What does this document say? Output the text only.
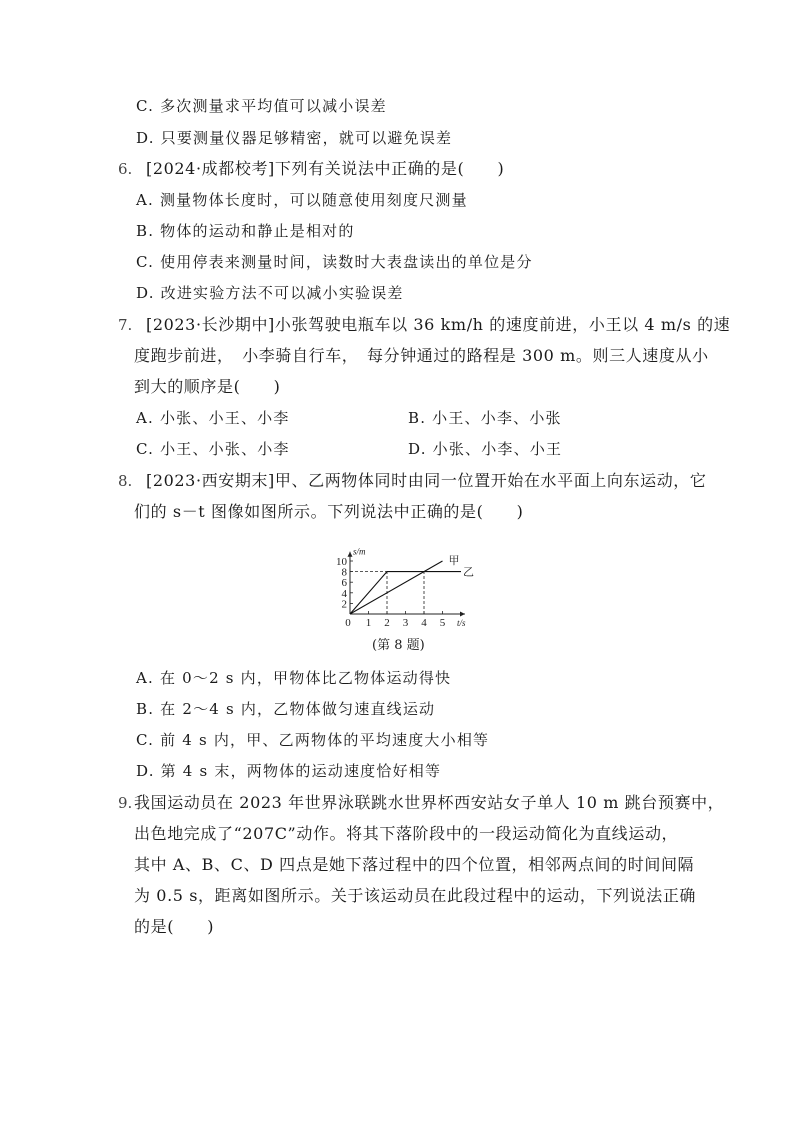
C. 多次测量求平均值可以减小误差
D. 只要测量仪器足够精密，就可以避免误差
6. [2024·成都校考]下列有关说法中正确的是(　　)
A. 测量物体长度时，可以随意使用刻度尺测量
B. 物体的运动和静止是相对的
C. 使用停表来测量时间，读数时大表盘读出的单位是分
D. 改进实验方法不可以减小实验误差
7. [2023·长沙期中]小张驾驶电瓶车以 36 km/h 的速度前进，小王以 4 m/s 的速
度跑步前进，　小李骑自行车，　每分钟通过的路程是 300 m。则三人速度从小
到大的顺序是(　　)
A. 小张、小王、小李	B. 小王、小李、小张
C. 小王、小张、小李	D. 小张、小李、小王
8. [2023·西安期末]甲、乙两物体同时由同一位置开始在水平面上向东运动，它
们的 s－t 图像如图所示。下列说法中正确的是(　　)
0 1 2 3 4 5
2
4
6
8
10	甲
乙
s/m
t/s
(第 8 题)
A. 在 0～2 s 内，甲物体比乙物体运动得快
B. 在 2～4 s 内，乙物体做匀速直线运动
C. 前 4 s 内，甲、乙两物体的平均速度大小相等
D. 第 4 s 末，两物体的运动速度恰好相等
9. 我国运动员在 2023 年世界泳联跳水世界杯西安站女子单人 10 m 跳台预赛中，
出色地完成了“207C”动作。将其下落阶段中的一段运动简化为直线运动，
其中 A、B、C、D 四点是她下落过程中的四个位置，相邻两点间的时间间隔
为 0.5 s，距离如图所示。关于该运动员在此段过程中的运动，下列说法正确
的是(　　)
